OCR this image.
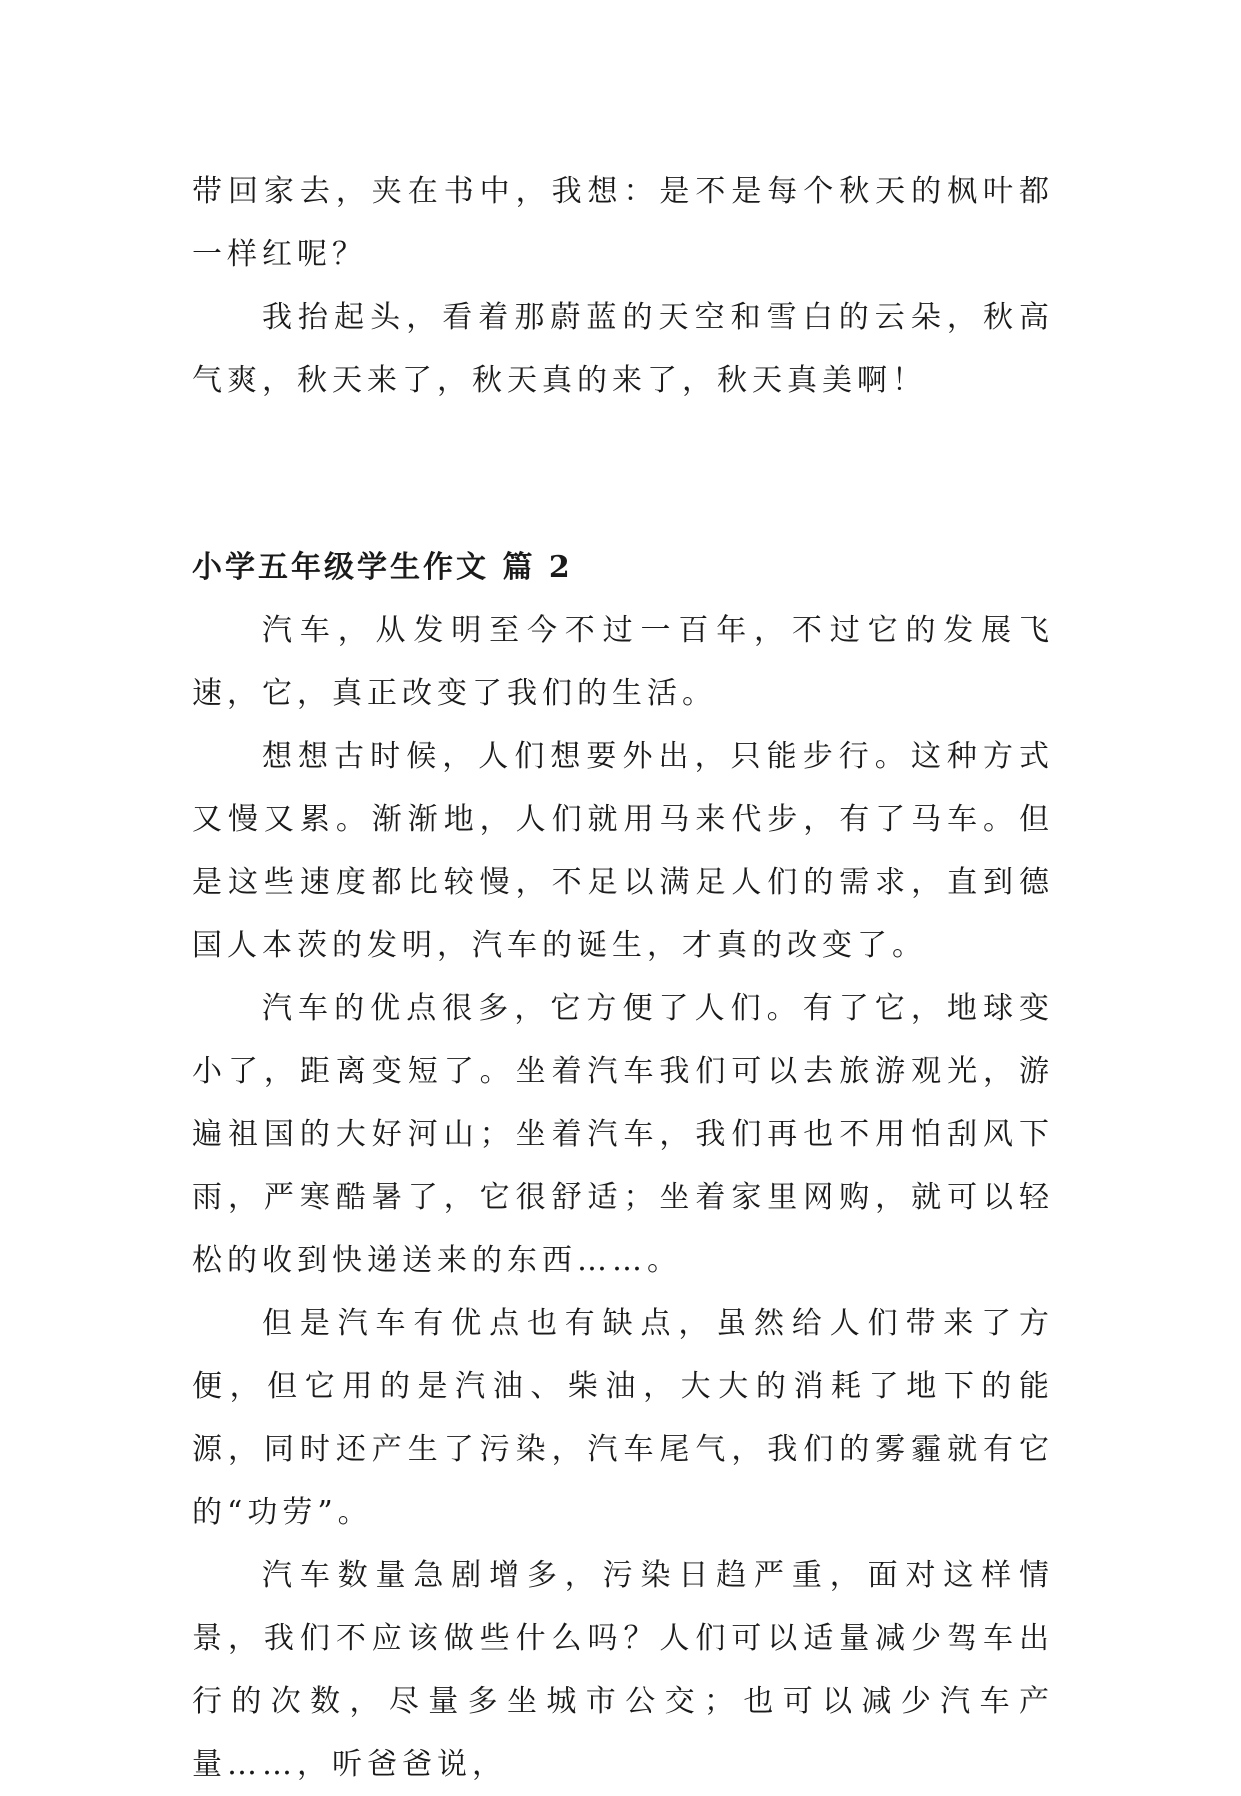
带回家去，夹在书中，我想：是不是每个秋天的枫叶都一样红呢？

我抬起头，看着那蔚蓝的天空和雪白的云朵，秋高气爽，秋天来了，秋天真的来了，秋天真美啊！

小学五年级学生作文 篇 2

汽车，从发明至今不过一百年，不过它的发展飞速，它，真正改变了我们的生活。

想想古时候，人们想要外出，只能步行。这种方式又慢又累。渐渐地，人们就用马来代步，有了马车。但是这些速度都比较慢，不足以满足人们的需求，直到德国人本茨的发明，汽车的诞生，才真的改变了。

汽车的优点很多，它方便了人们。有了它，地球变小了，距离变短了。坐着汽车我们可以去旅游观光，游遍祖国的大好河山；坐着汽车，我们再也不用怕刮风下雨，严寒酷暑了，它很舒适；坐着家里网购，就可以轻松的收到快递送来的东西……。

但是汽车有优点也有缺点，虽然给人们带来了方便，但它用的是汽油、柴油，大大的消耗了地下的能源，同时还产生了污染，汽车尾气，我们的雾霾就有它的“功劳”。

汽车数量急剧增多，污染日趋严重，面对这样情景，我们不应该做些什么吗？人们可以适量减少驾车出行的次数，尽量多坐城市公交；也可以减少汽车产量……，听爸爸说，
